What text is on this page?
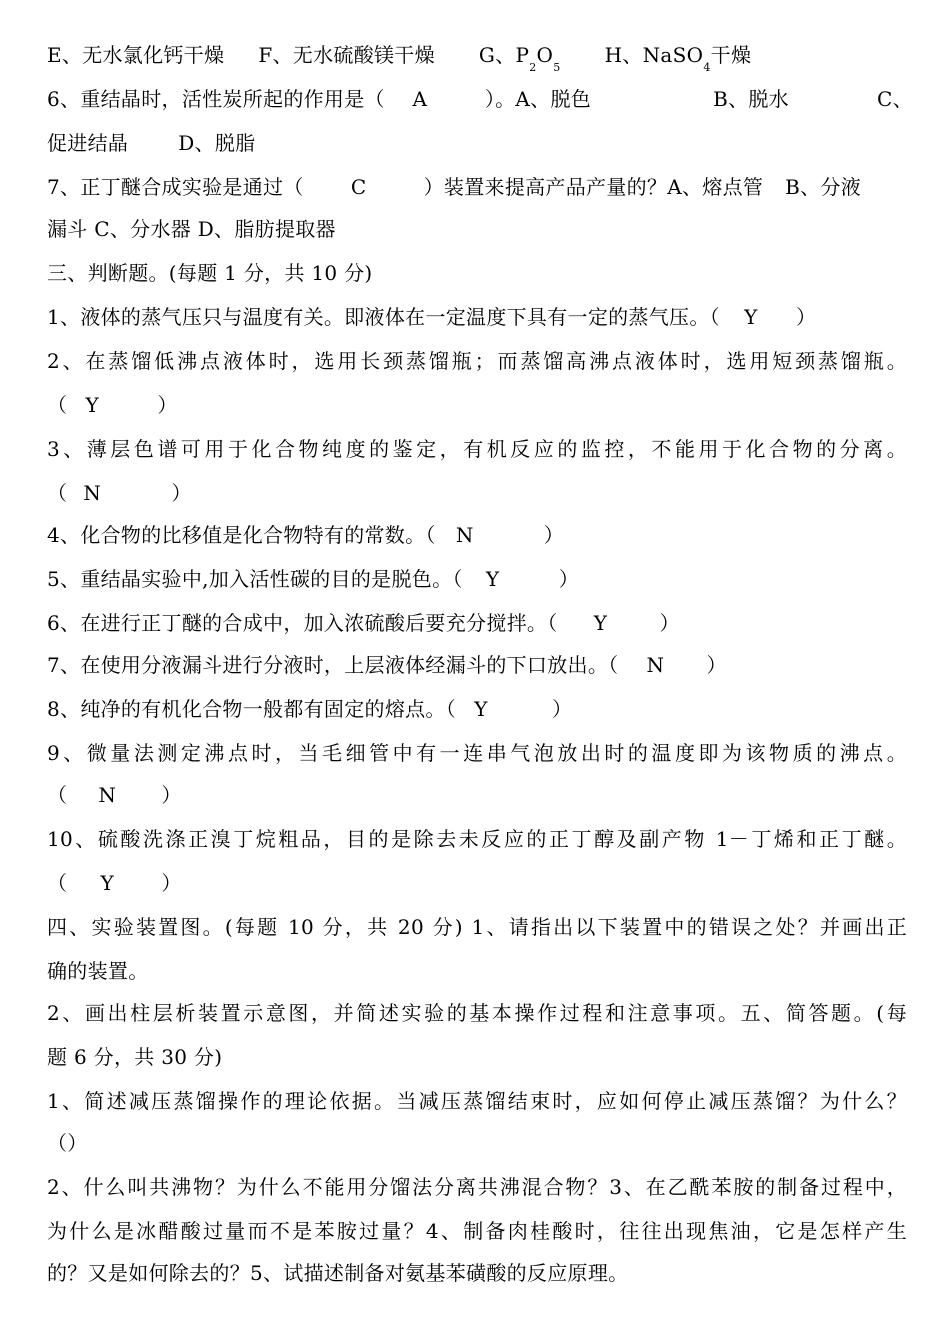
E、无水氯化钙干燥 F、无水硫酸镁干燥 G、$P_2O_5H$、NaSO$_4$干燥
6、重结晶时，活性炭所起的作用是（ A	）。A、脱色	B、脱水	C、
促进结晶	D、脱脂
7、正丁醚合成实验是通过（ C	）装置来提高产品产量的？A、熔点管 B、分液
漏斗 C、分水器 D、脂肪提取器
三、判断题。(每题 1 分，共 10 分)
1、液体的蒸气压只与温度有关。即液体在一定温度下具有一定的蒸气压。（ Y ）
2、在蒸馏低沸点液体时，选用长颈蒸馏瓶；而蒸馏高沸点液体时，选用短颈蒸馏瓶。
（ Y	）
3、薄层色谱可用于化合物纯度的鉴定，有机反应的监控，不能用于化合物的分离。
（ N	）
4、化合物的比移值是化合物特有的常数。（ N	）
5、重结晶实验中,加入活性碳的目的是脱色。（ Y	）
6、在进行正丁醚的合成中，加入浓硫酸后要充分搅拌。（ Y	）
7、在使用分液漏斗进行分液时，上层液体经漏斗的下口放出。（ N ）
8、纯净的有机化合物一般都有固定的熔点。（ Y	）
9、微量法测定沸点时，当毛细管中有一连串气泡放出时的温度即为该物质的沸点。
（ N ）
10、硫酸洗涤正溴丁烷粗品，目的是除去未反应的正丁醇及副产物 1－丁烯和正丁醚。
（ Y ）
四、实验装置图。(每题 10 分，共 20 分) 1、请指出以下装置中的错误之处？并画出正
确的装置。
2、画出柱层析装置示意图，并简述实验的基本操作过程和注意事项。五、简答题。(每
题 6 分，共 30 分)
1、简述减压蒸馏操作的理论依据。当减压蒸馏结束时，应如何停止减压蒸馏？为什么？
（）
2、什么叫共沸物？为什么不能用分馏法分离共沸混合物？3、在乙酰苯胺的制备过程中，
为什么是冰醋酸过量而不是苯胺过量？4、制备肉桂酸时，往往出现焦油，它是怎样产生
的？又是如何除去的？5、试描述制备对氨基苯磺酸的反应原理。
